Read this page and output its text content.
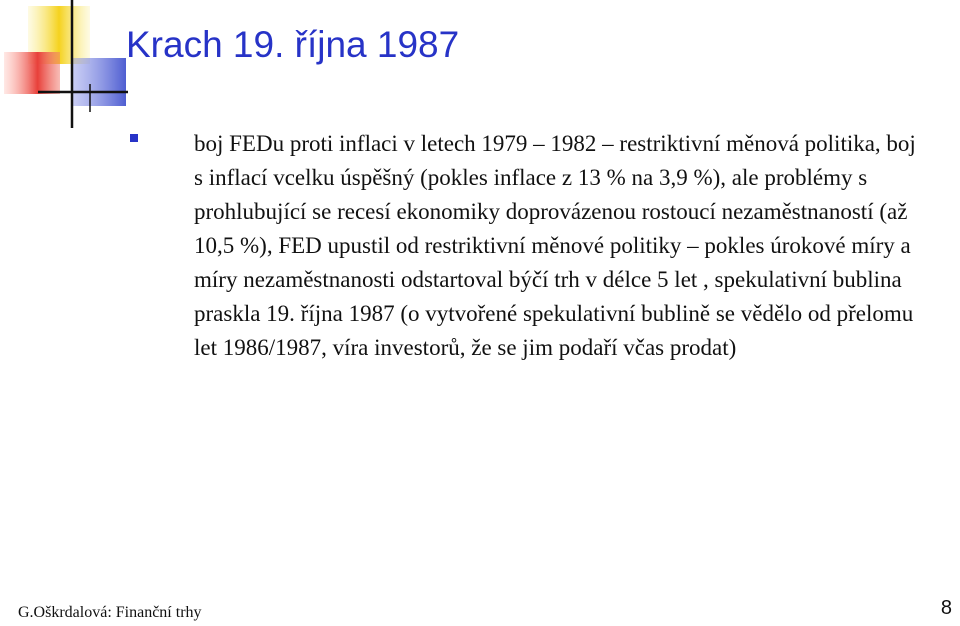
Krach 19. října 1987
boj FEDu proti inflaci v letech 1979 – 1982 – restriktivní měnová politika, boj s inflací vcelku úspěšný (pokles inflace z 13 % na 3,9 %), ale problémy s prohlubující se recesí ekonomiky doprovázenou rostoucí nezaměstnaností (až 10,5 %), FED upustil od restriktivní měnové politiky – pokles úrokové míry a míry nezaměstnanosti odstartoval býčí trh v délce 5 let , spekulativní bublina praskla 19. října 1987 (o vytvořené spekulativní bublině se vědělo od přelomu let 1986/1987, víra investorů, že se jim podaří včas prodat)
G.Oškrdalová: Finanční trhy	8
